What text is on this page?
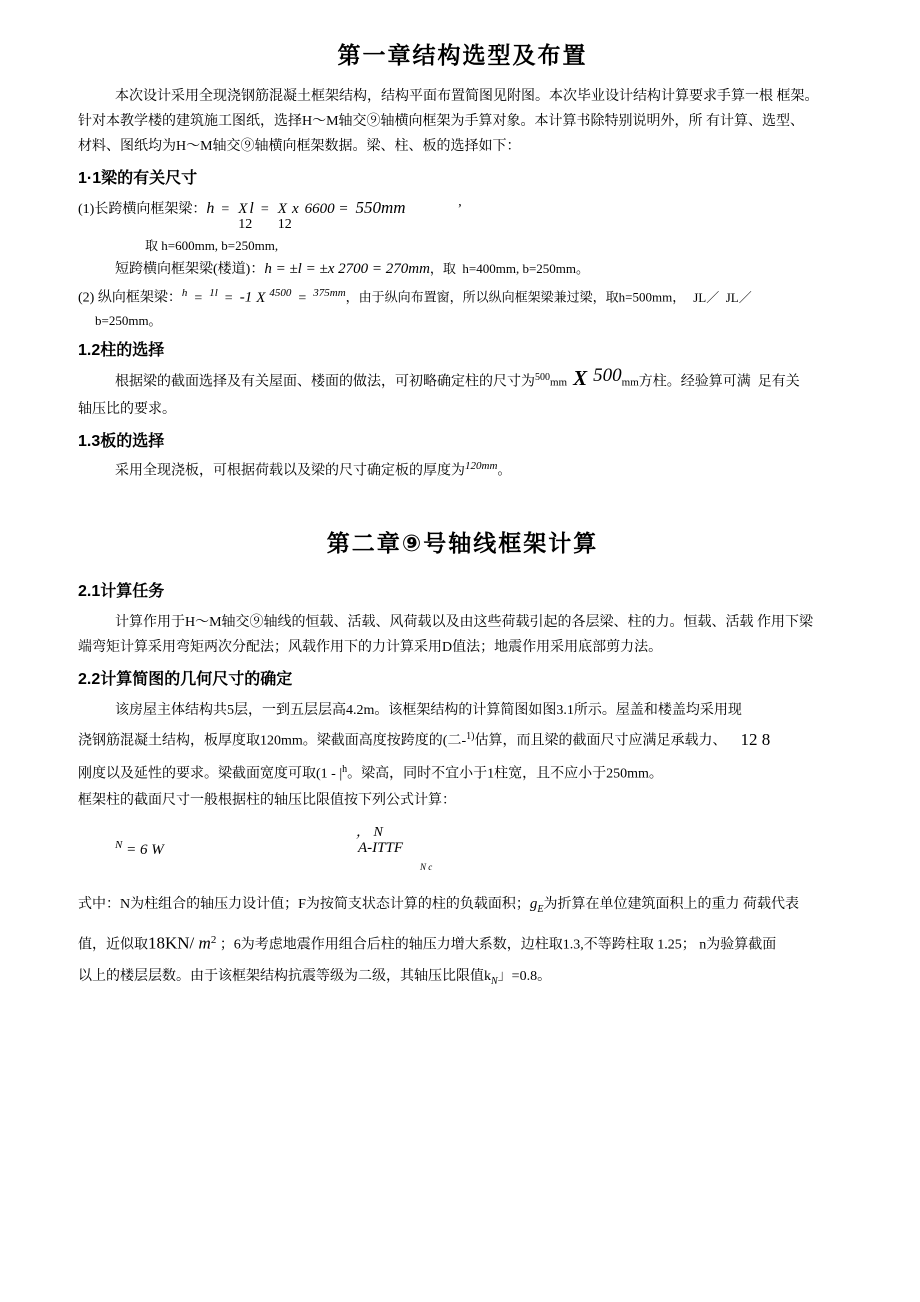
第一章结构选型及布置
本次设计采用全现浇钢筋混凝土框架结构，结构平面布置简图见附图。本次毕业设计结构计算要求手算一根 框架。
针对本教学楼的建筑施工图纸，选择H～M轴交⑨轴横向框架为手算对象。本计算书除特别说明外，所 有计算、选型、
材料、图纸均为H～M轴交⑨轴横向框架数据。梁、柱、板的选择如下：
1·1梁的有关尺寸
(1)长跨横向框架梁：h = X
12
l = X
12
x 6600 = 550mm	’
取 h=600mm, b=250mm,
短跨横向框架梁(楼道)：h = ±l = ±x 2700 = 270mm，取  h=400mm, b=250mm。
(2) 纵向框架梁：$^h$ = $^{1l}$ = -1 X $^{4500}$ = $^{375mm}$，由于纵向布置窗，所以纵向框架梁兼过梁，取h=500mm， JL／  JL／
b=250mm。
1.2柱的选择
根据梁的截面选择及有关屋面、楼面的做法，可初略确定柱的尺寸为$^{500}$mm X 500mm方柱。经验算可满  足有关
轴压比的要求。
1.3板的选择
采用全现浇板，可根据荷载以及梁的尺寸确定板的厚度为$^{120mm}$。
第二章⑨号轴线框架计算
2.1计算任务
计算作用于H～M轴交⑨轴线的恒载、活载、风荷载以及由这些荷载引起的各层梁、柱的力。恒载、活载 作用下梁
端弯矩计算采用弯矩两次分配法；风载作用下的力计算采用D值法；地震作用采用底部剪力法。
2.2计算简图的几何尺寸的确定
该房屋主体结构共5层，一到五层层高4.2m。该框架结构的计算简图如图3.1所示。屋盖和楼盖均采用现
浇钢筋混凝土结构，板厚度取120mm。梁截面高度按跨度的(二-$^{1)}$估算，而且梁的截面尺寸应满足承载力、 12 8
刚度以及延性的要求。梁截面宽度可取($1 - |^h$。梁高，同时不宜小于1柱宽，且不应小于250mm。
框架柱的截面尺寸一般根据柱的轴压比限值按下列公式计算：
$^N$ = 6 W
， N
A-ITTF
N c
式中：N为柱组合的轴压力设计值；F为按简支状态计算的柱的负载面积；$g_E$为折算在单位建筑面积上的重力 荷载代表
值，近似取18KN/ $m^2$ ；6为考虑地震作用组合后柱的轴压力增大系数，边柱取1.3,不等跨柱取 1.25； n为验算截面
以上的楼层层数。由于该框架结构抗震等级为二级，其轴压比限值$k_N$」=0.8。
